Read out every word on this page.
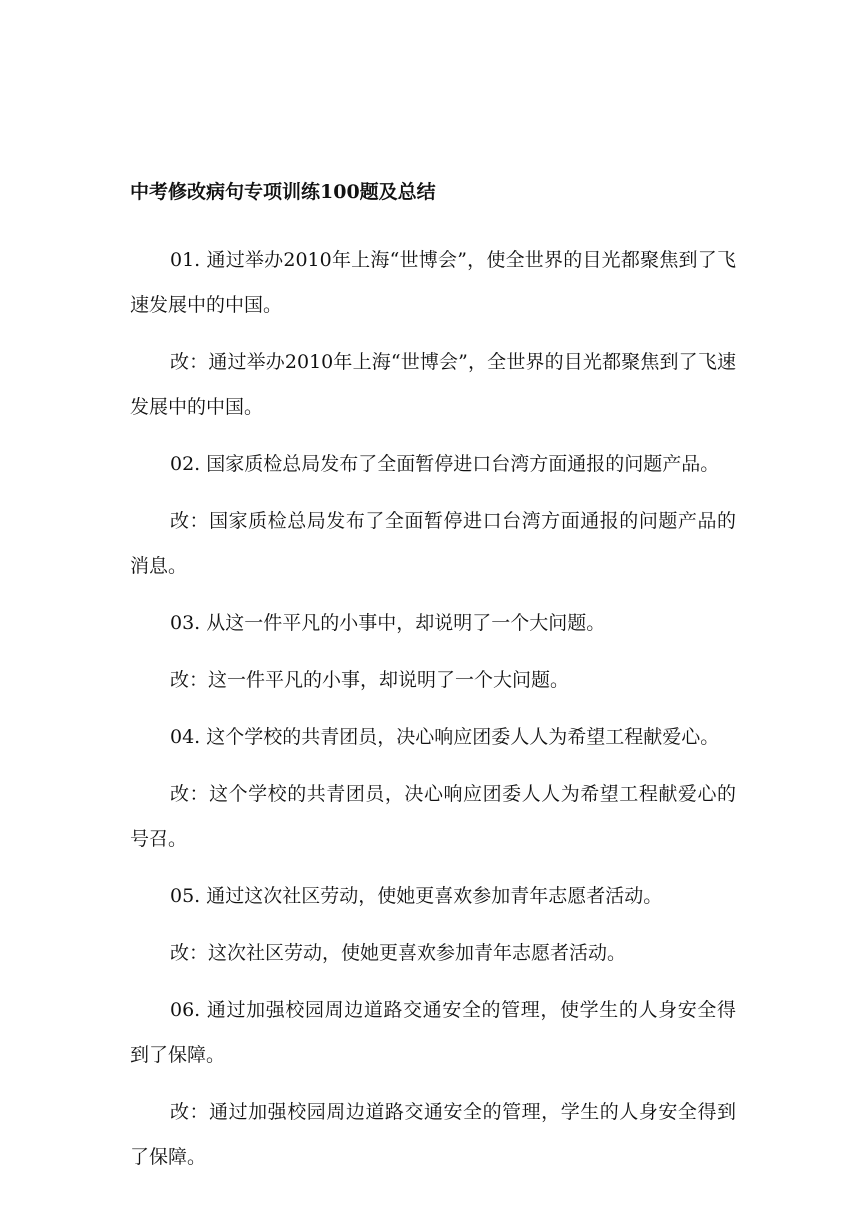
中考修改病句专项训练100题及总结

01. 通过举办2010年上海“世博会”，使全世界的目光都聚焦到了飞速发展中的中国。

改：通过举办2010年上海“世博会”，全世界的目光都聚焦到了飞速发展中的中国。

02. 国家质检总局发布了全面暂停进口台湾方面通报的问题产品。

改：国家质检总局发布了全面暂停进口台湾方面通报的问题产品的消息。

03. 从这一件平凡的小事中，却说明了一个大问题。

改：这一件平凡的小事，却说明了一个大问题。

04. 这个学校的共青团员，决心响应团委人人为希望工程献爱心。

改：这个学校的共青团员，决心响应团委人人为希望工程献爱心的号召。

05. 通过这次社区劳动，使她更喜欢参加青年志愿者活动。

改：这次社区劳动，使她更喜欢参加青年志愿者活动。

06. 通过加强校园周边道路交通安全的管理，使学生的人身安全得到了保障。

改：通过加强校园周边道路交通安全的管理，学生的人身安全得到了保障。
